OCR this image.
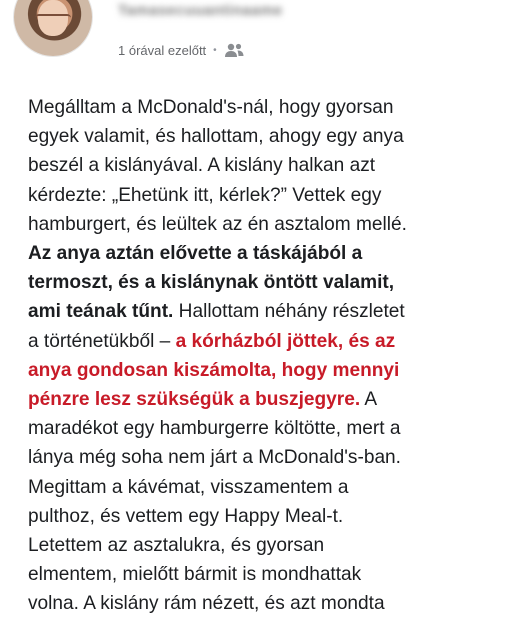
Tamasecuuantinaame
1 órával ezelőtt •
Megálltam a McDonald's-nál, hogy gyorsan
egyek valamit, és hallottam, ahogy egy anya
beszél a kislányával. A kislány halkan azt
kérdezte: „Ehetünk itt, kérlek?” Vettek egy
hamburgert, és leültek az én asztalom mellé.
Az anya aztán elővette a táskájából a
termoszt, és a kislánynak öntött valamit,
ami teának tűnt. Hallottam néhány részletet
a történetükből – a kórházból jöttek, és az
anya gondosan kiszámolta, hogy mennyi
pénzre lesz szükségük a buszjegyre. A
maradékot egy hamburgerre költötte, mert a
lánya még soha nem járt a McDonald's-ban.
Megittam a kávémat, visszamentem a
pulthoz, és vettem egy Happy Meal-t.
Letettem az asztalukra, és gyorsan
elmentem, mielőtt bármit is mondhattak
volna. A kislány rám nézett, és azt mondta
